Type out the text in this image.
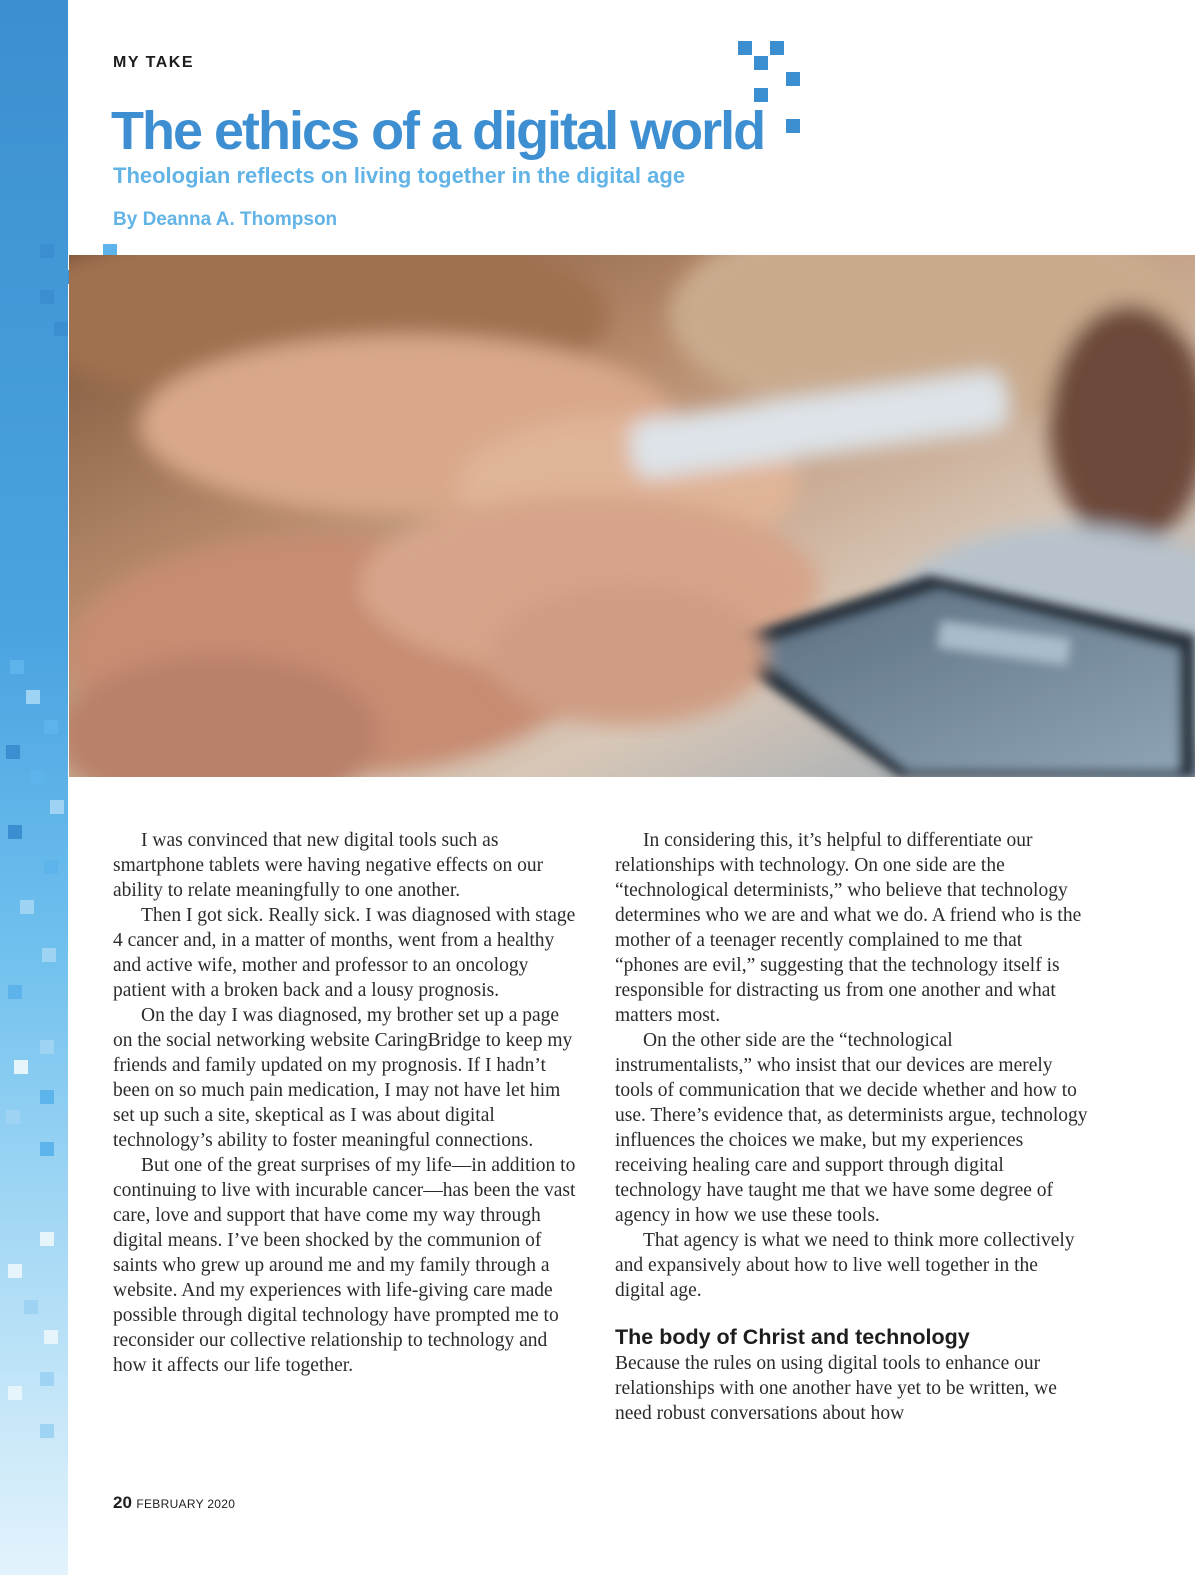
MY TAKE
The ethics of a digital world
Theologian reflects on living together in the digital age
By Deanna A. Thompson

I was convinced that new digital tools such as smartphone tablets were having negative effects on our ability to relate meaningfully to one another.

Then I got sick. Really sick. I was diagnosed with stage 4 cancer and, in a matter of months, went from a healthy and active wife, mother and professor to an oncology patient with a broken back and a lousy prognosis.

On the day I was diagnosed, my brother set up a page on the social networking website CaringBridge to keep my friends and family updated on my prognosis. If I hadn’t been on so much pain medication, I may not have let him set up such a site, skeptical as I was about digital technology’s ability to foster meaningful connections.

But one of the great surprises of my life—in addition to continuing to live with incurable cancer—has been the vast care, love and support that have come my way through digital means. I’ve been shocked by the communion of saints who grew up around me and my family through a website. And my experiences with life-giving care made possible through digital technology have prompted me to reconsider our collective relationship to technology and how it affects our life together.

In considering this, it’s helpful to differentiate our relationships with technology. On one side are the “technological determinists,” who believe that technology determines who we are and what we do. A friend who is the mother of a teenager recently complained to me that “phones are evil,” suggesting that the technology itself is responsible for distracting us from one another and what matters most.

On the other side are the “technological instrumentalists,” who insist that our devices are merely tools of communication that we decide whether and how to use. There’s evidence that, as determinists argue, technology influences the choices we make, but my experiences receiving healing care and support through digital technology have taught me that we have some degree of agency in how we use these tools.

That agency is what we need to think more collectively and expansively about how to live well together in the digital age.

The body of Christ and technology

Because the rules on using digital tools to enhance our relationships with one another have yet to be written, we need robust conversations about how

20 FEBRUARY 2020
